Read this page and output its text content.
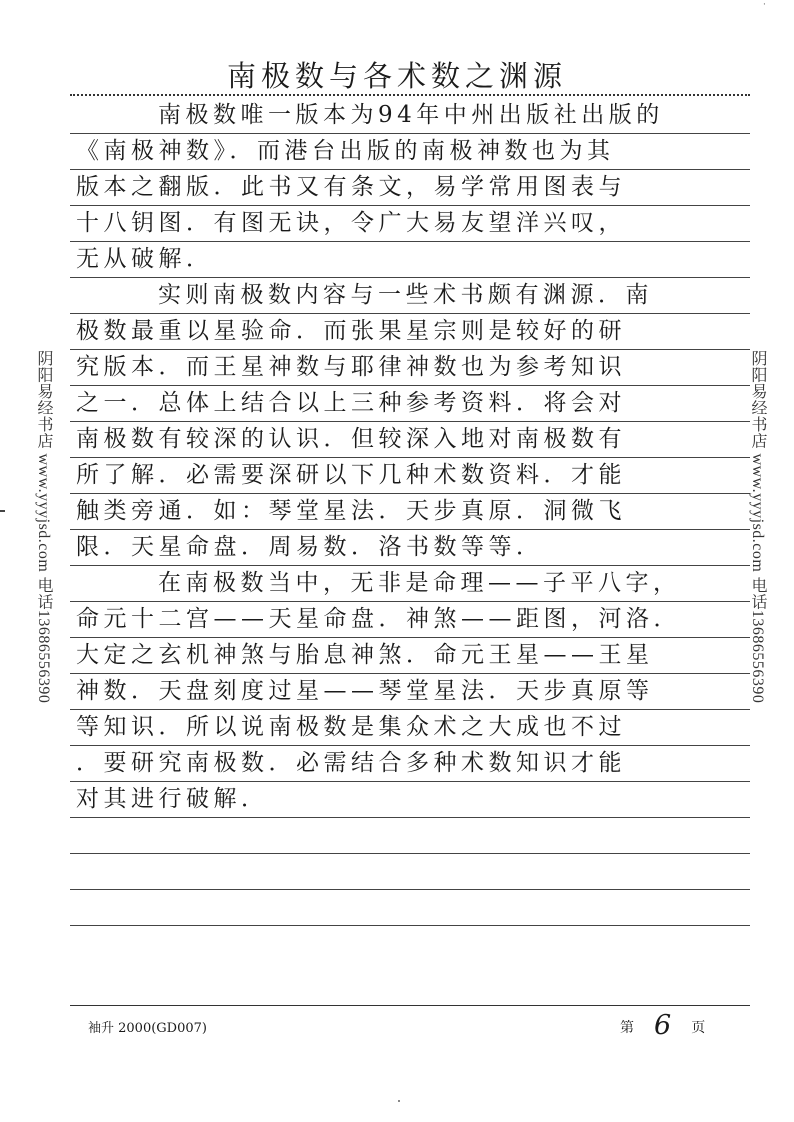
·
南极数与各术数之渊源
南极数唯一版本为94年中州出版社出版的
《南极神数》．而港台出版的南极神数也为其
版本之翻版．此书又有条文，易学常用图表与
十八钥图．有图无诀，令广大易友望洋兴叹，
无从破解．
实则南极数内容与一些术书颇有渊源．南
极数最重以星验命．而张果星宗则是较好的研
究版本．而王星神数与耶律神数也为参考知识
之一．总体上结合以上三种参考资料．将会对
南极数有较深的认识．但较深入地对南极数有
所了解．必需要深研以下几种术数资料．才能
触类旁通．如：琴堂星法．天步真原．洞微飞
限．天星命盘．周易数．洛书数等等．
在南极数当中，无非是命理——子平八字，
命元十二宫——天星命盘．神煞——距图，河洛．
大定之玄机神煞与胎息神煞．命元王星——王星
神数．天盘刻度过星——琴堂星法．天步真原等
等知识．所以说南极数是集众术之大成也不过
．要研究南极数．必需结合多种术数知识才能
对其进行破解．
阴阳易经书店 www.yyyjsd.com 电话13686556390	阴阳易经书店 www.yyyjsd.com 电话13686556390
袖升 2000(GD007)	第 6 页
